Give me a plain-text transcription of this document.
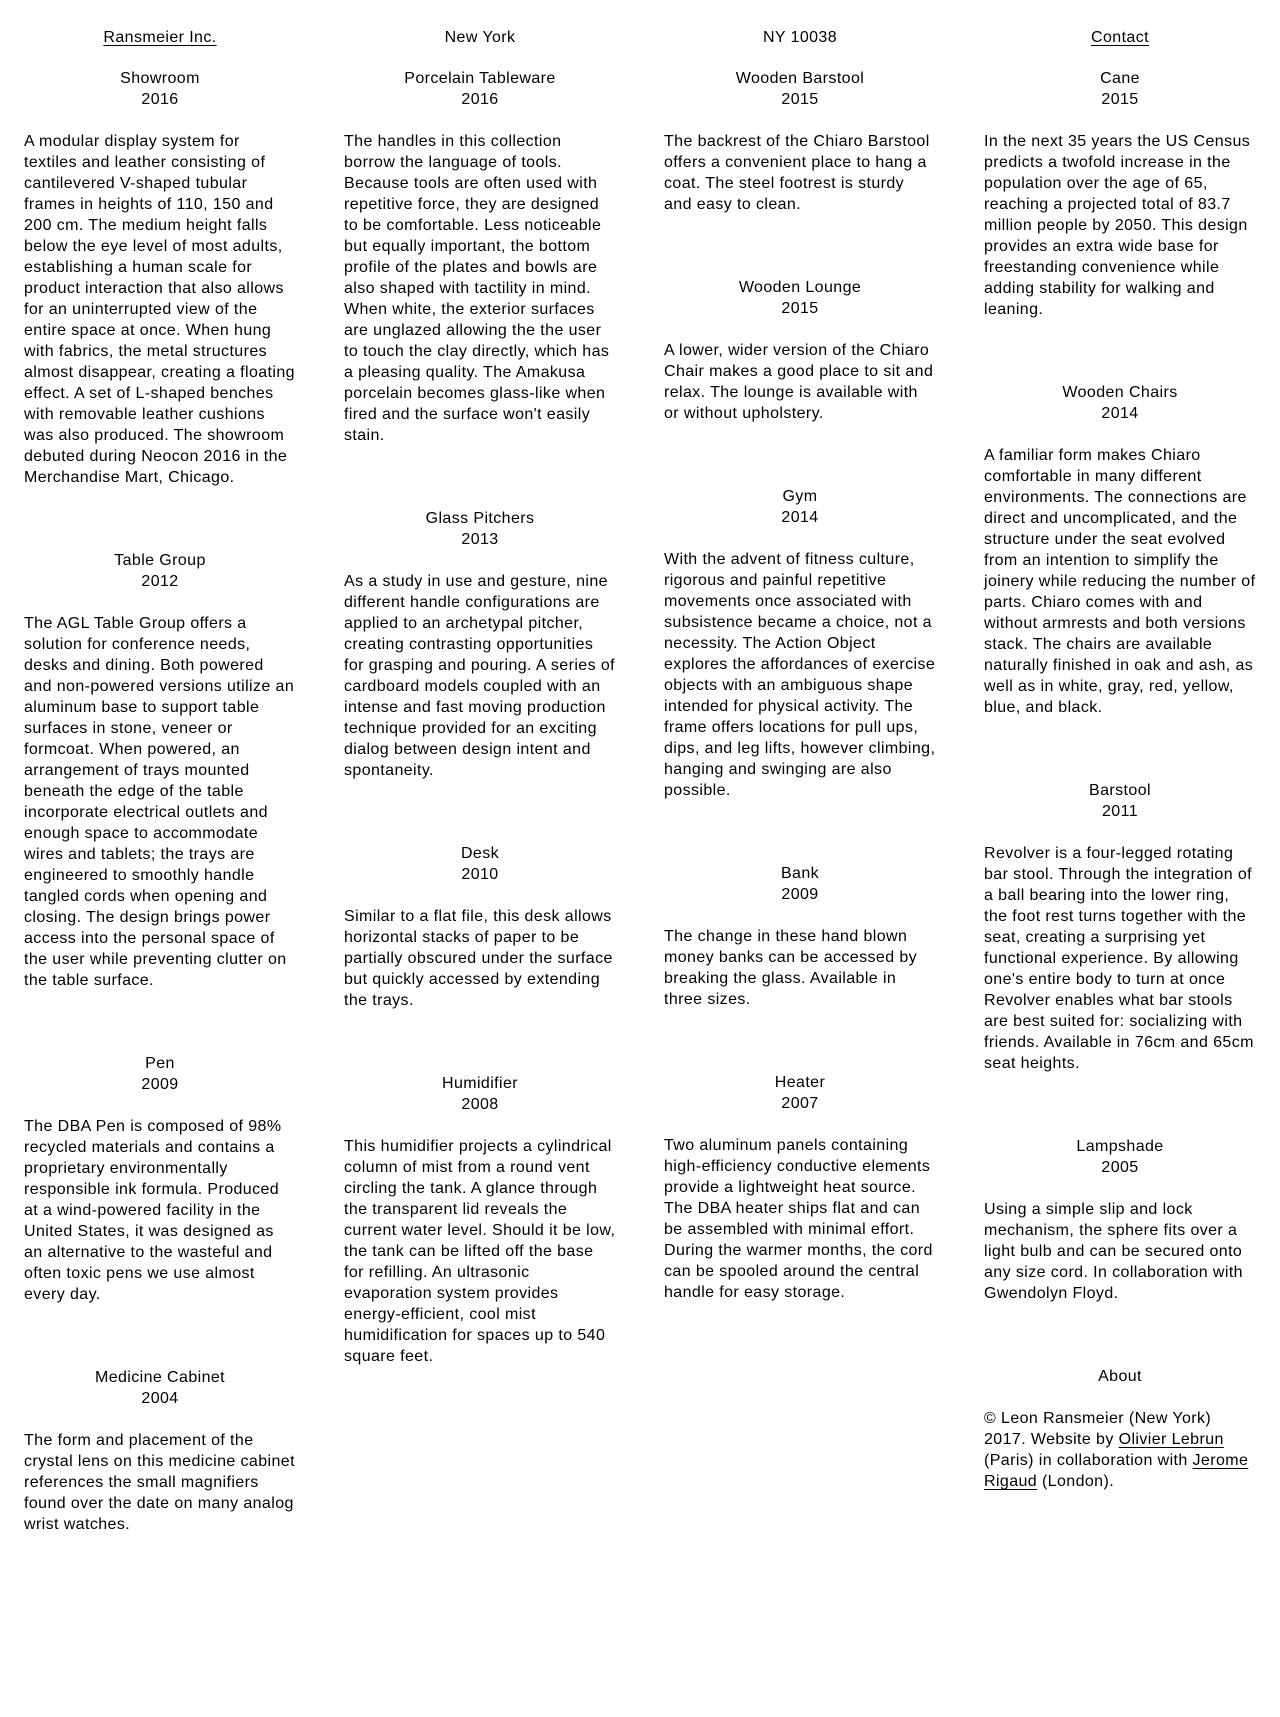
Ransmeier Inc.	New York	NY 10038	Contact
Showroom
2016

A modular display system for textiles and leather consisting of cantilevered V-shaped tubular frames in heights of 110, 150 and 200 cm. The medium height falls below the eye level of most adults, establishing a human scale for product interaction that also allows for an uninterrupted view of the entire space at once. When hung with fabrics, the metal structures almost disappear, creating a floating effect. A set of L-shaped benches with removable leather cushions was also produced. The showroom debuted during Neocon 2016 in the Merchandise Mart, Chicago.

Table Group
2012

The AGL Table Group offers a solution for conference needs, desks and dining. Both powered and non-powered versions utilize an aluminum base to support table surfaces in stone, veneer or formcoat. When powered, an arrangement of trays mounted beneath the edge of the table incorporate electrical outlets and enough space to accommodate wires and tablets; the trays are engineered to smoothly handle tangled cords when opening and closing. The design brings power access into the personal space of the user while preventing clutter on the table surface.

Pen
2009

The DBA Pen is composed of 98% recycled materials and contains a proprietary environmentally responsible ink formula. Produced at a wind-powered facility in the United States, it was designed as an alternative to the wasteful and often toxic pens we use almost every day.

Medicine Cabinet
2004

The form and placement of the crystal lens on this medicine cabinet references the small magnifiers found over the date on many analog wrist watches.

Porcelain Tableware
2016

The handles in this collection borrow the language of tools. Because tools are often used with repetitive force, they are designed to be comfortable. Less noticeable but equally important, the bottom profile of the plates and bowls are also shaped with tactility in mind. When white, the exterior surfaces are unglazed allowing the the user to touch the clay directly, which has a pleasing quality. The Amakusa porcelain becomes glass-like when fired and the surface won't easily stain.

Glass Pitchers
2013

As a study in use and gesture, nine different handle configurations are applied to an archetypal pitcher, creating contrasting opportunities for grasping and pouring. A series of cardboard models coupled with an intense and fast moving production technique provided for an exciting dialog between design intent and spontaneity.

Desk
2010

Similar to a flat file, this desk allows horizontal stacks of paper to be partially obscured under the surface but quickly accessed by extending the trays.

Humidifier
2008

This humidifier projects a cylindrical column of mist from a round vent circling the tank. A glance through the transparent lid reveals the current water level. Should it be low, the tank can be lifted off the base for refilling. An ultrasonic evaporation system provides energy-efficient, cool mist humidification for spaces up to 540 square feet.

Wooden Barstool
2015

The backrest of the Chiaro Barstool offers a convenient place to hang a coat. The steel footrest is sturdy and easy to clean.

Wooden Lounge
2015

A lower, wider version of the Chiaro Chair makes a good place to sit and relax. The lounge is available with or without upholstery.

Gym
2014

With the advent of fitness culture, rigorous and painful repetitive movements once associated with subsistence became a choice, not a necessity. The Action Object explores the affordances of exercise objects with an ambiguous shape intended for physical activity. The frame offers locations for pull ups, dips, and leg lifts, however climbing, hanging and swinging are also possible.

Bank
2009

The change in these hand blown money banks can be accessed by breaking the glass. Available in three sizes.

Heater
2007

Two aluminum panels containing high-efficiency conductive elements provide a lightweight heat source. The DBA heater ships flat and can be assembled with minimal effort. During the warmer months, the cord can be spooled around the central handle for easy storage.

Cane
2015

In the next 35 years the US Census predicts a twofold increase in the population over the age of 65, reaching a projected total of 83.7 million people by 2050. This design provides an extra wide base for freestanding convenience while adding stability for walking and leaning.

Wooden Chairs
2014

A familiar form makes Chiaro comfortable in many different environments. The connections are direct and uncomplicated, and the structure under the seat evolved from an intention to simplify the joinery while reducing the number of parts. Chiaro comes with and without armrests and both versions stack. The chairs are available naturally finished in oak and ash, as well as in white, gray, red, yellow, blue, and black.

Barstool
2011

Revolver is a four-legged rotating bar stool. Through the integration of a ball bearing into the lower ring, the foot rest turns together with the seat, creating a surprising yet functional experience. By allowing one's entire body to turn at once Revolver enables what bar stools are best suited for: socializing with friends. Available in 76cm and 65cm seat heights.

Lampshade
2005

Using a simple slip and lock mechanism, the sphere fits over a light bulb and can be secured onto any size cord. In collaboration with Gwendolyn Floyd.

About

© Leon Ransmeier (New York) 2017. Website by Olivier Lebrun (Paris) in collaboration with Jerome Rigaud (London).
